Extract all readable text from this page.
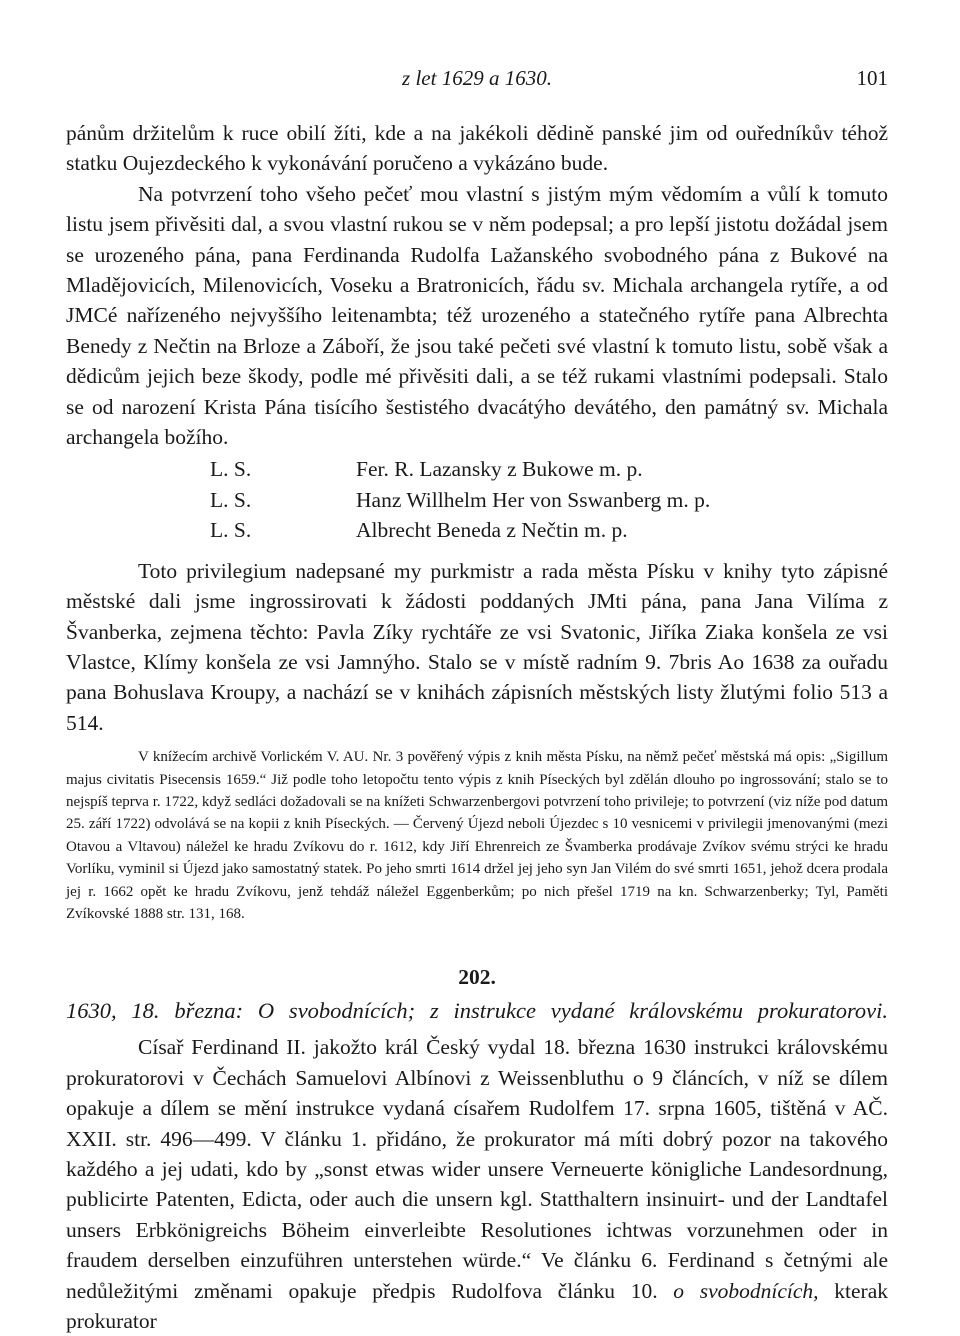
z let 1629 a 1630.	101

pánům držitelům k ruce obilí žíti, kde a na jakékoli dědině panské jim od ouředníkův téhož statku Oujezdeckého k vykonávání poručeno a vykázáno bude.

Na potvrzení toho všeho pečeť mou vlastní s jistým mým vědomím a vůlí k tomuto listu jsem přivěsiti dal, a svou vlastní rukou se v něm podepsal; a pro lepší jistotu dožádal jsem se urozeného pána, pana Ferdinanda Rudolfa Lažanského svobodného pána z Bukové na Mladějovicích, Milenovicích, Voseku a Bratronicích, řádu sv. Michala archangela rytíře, a od JMCé nařízeného nejvyššího leitenambta; též urozeného a statečného rytíře pana Albrechta Benedy z Nečtin na Brloze a Záboří, že jsou také pečeti své vlastní k tomuto listu, sobě však a dědicům jejich beze škody, podle mé přivěsiti dali, a se též rukami vlastními podepsali. Stalo se od narození Krista Pána tisícího šestistého dvacátýho devátého, den památný sv. Michala archangela božího.

L. S.	Fer. R. Lazansky z Bukowe m. p.
L. S.	Hanz Willhelm Her von Sswanberg m. p.
L. S.	Albrecht Beneda z Nečtin m. p.

Toto privilegium nadepsané my purkmistr a rada města Písku v knihy tyto zápisné městské dali jsme ingrossirovati k žádosti poddaných JMti pána, pana Jana Vilíma z Švanberka, zejmena těchto: Pavla Zíky rychtáře ze vsi Svatonic, Jiříka Ziaka konšela ze vsi Vlastce, Klímy konšela ze vsi Jamnýho. Stalo se v místě radním 9. 7bris Ao 1638 za ouřadu pana Bohuslava Kroupy, a nachází se v knihách zápisních městských listy žlutými folio 513 a 514.

V knížecím archivě Vorlickém V. AU. Nr. 3 pověřený výpis z knih města Písku, na němž pečeť městská má opis: „Sigillum majus civitatis Pisecensis 1659.“ Již podle toho letopočtu tento výpis z knih Píseckých byl zdělán dlouho po ingrossování; stalo se to nejspíš teprva r. 1722, když sedláci dožadovali se na knížeti Schwarzenbergovi potvrzení toho privileje; to potvrzení (viz níže pod datum 25. září 1722) odvolává se na kopii z knih Píseckých. — Červený Újezd neboli Újezdec s 10 vesnicemi v privilegii jmenovanými (mezi Otavou a Vltavou) náležel ke hradu Zvíkovu do r. 1612, kdy Jiří Ehrenreich ze Švamberka prodávaje Zvíkov svému strýci ke hradu Vorlíku, vyminil si Újezd jako samostatný statek. Po jeho smrti 1614 držel jej jeho syn Jan Vilém do své smrti 1651, jehož dcera prodala jej r. 1662 opět ke hradu Zvíkovu, jenž tehdáž náležel Eggenberkům; po nich přešel 1719 na kn. Schwarzenberky; Tyl, Paměti Zvíkovské 1888 str. 131, 168.

202.
1630, 18. března: O svobodnících; z instrukce vydané královskému prokuratorovi.

Císař Ferdinand II. jakožto král Český vydal 18. března 1630 instrukci královskému prokuratorovi v Čechách Samuelovi Albínovi z Weissenbluthu o 9 článcích, v níž se dílem opakuje a dílem se mění instrukce vydaná císařem Rudolfem 17. srpna 1605, tištěná v AČ. XXII. str. 496—499. V článku 1. přidáno, že prokurator má míti dobrý pozor na takového každého a jej udati, kdo by „sonst etwas wider unsere Verneuerte königliche Landesordnung, publicirte Patenten, Edicta, oder auch die unsern kgl. Statthaltern insinuirt- und der Landtafel unsers Erbkönigreichs Böheim einverleibte Resolutiones ichtwas vorzunehmen oder in fraudem derselben einzuführen unterstehen würde.“ Ve článku 6. Ferdinand s četnými ale nedůležitými změnami opakuje předpis Rudolfova článku 10. o svobodnících, kterak prokurator
